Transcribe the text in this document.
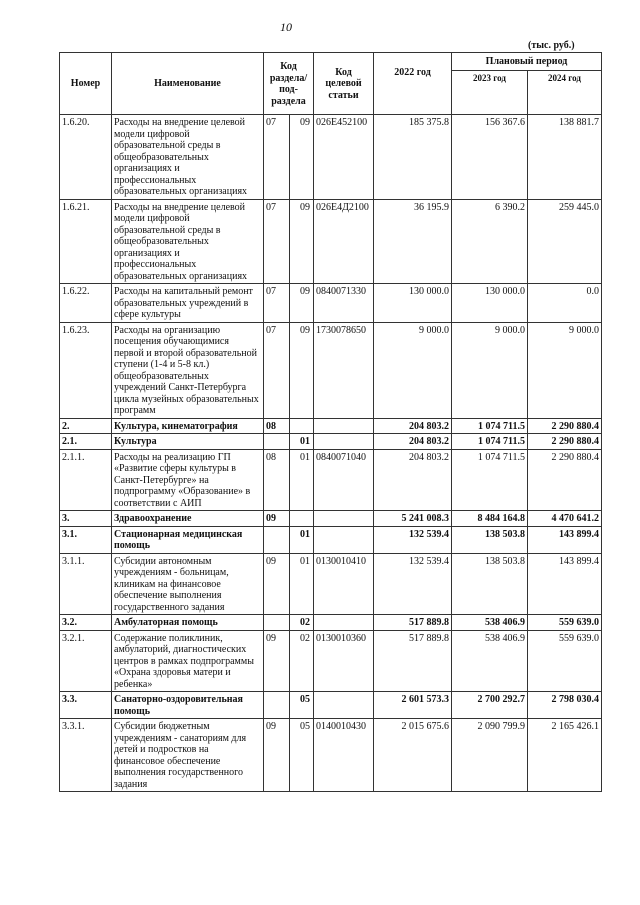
10
(тыс. руб.)
Номер	Наименование	Код раздела/ под- раздела		Код целевой статьи	2022 год	Плановый период	
						2023 год	2024 год
1.6.20.	Расходы на внедрение целевой модели цифровой образовательной среды в общеобразовательных организациях и профессиональных образовательных организациях	07	09	026Е452100	185 375.8	156 367.6	138 881.7
1.6.21.	Расходы на внедрение целевой модели цифровой образовательной среды в общеобразовательных организациях и профессиональных образовательных организациях	07	09	026Е4Д2100	36 195.9	6 390.2	259 445.0
1.6.22.	Расходы на капитальный ремонт образовательных учреждений в сфере культуры	07	09	0840071330	130 000.0	130 000.0	0.0
1.6.23.	Расходы на организацию посещения обучающимися первой и второй образовательной ступени (1-4 и 5-8 кл.) общеобразовательных учреждений Санкт-Петербурга цикла музейных образовательных программ	07	09	1730078650	9 000.0	9 000.0	9 000.0
2.	Культура, кинематография	08			204 803.2	1 074 711.5	2 290 880.4
2.1.	Культура		01		204 803.2	1 074 711.5	2 290 880.4
2.1.1.	Расходы на реализацию ГП «Развитие сферы культуры в Санкт-Петербурге» на подпрограмму «Образование» в соответствии с АИП	08	01	0840071040	204 803.2	1 074 711.5	2 290 880.4
3.	Здравоохранение	09			5 241 008.3	8 484 164.8	4 470 641.2
3.1.	Стационарная медицинская помощь		01		132 539.4	138 503.8	143 899.4
3.1.1.	Субсидии автономным учреждениям - больницам, клиникам на финансовое обеспечение выполнения государственного задания	09	01	0130010410	132 539.4	138 503.8	143 899.4
3.2.	Амбулаторная помощь		02		517 889.8	538 406.9	559 639.0
3.2.1.	Содержание поликлиник, амбулаторий, диагностических центров в рамках подпрограммы «Охрана здоровья матери и ребенка»	09	02	0130010360	517 889.8	538 406.9	559 639.0
3.3.	Санаторно-оздоровительная помощь		05		2 601 573.3	2 700 292.7	2 798 030.4
3.3.1.	Субсидии бюджетным учреждениям - санаториям для детей и подростков на финансовое обеспечение выполнения государственного задания	09	05	0140010430	2 015 675.6	2 090 799.9	2 165 426.1
